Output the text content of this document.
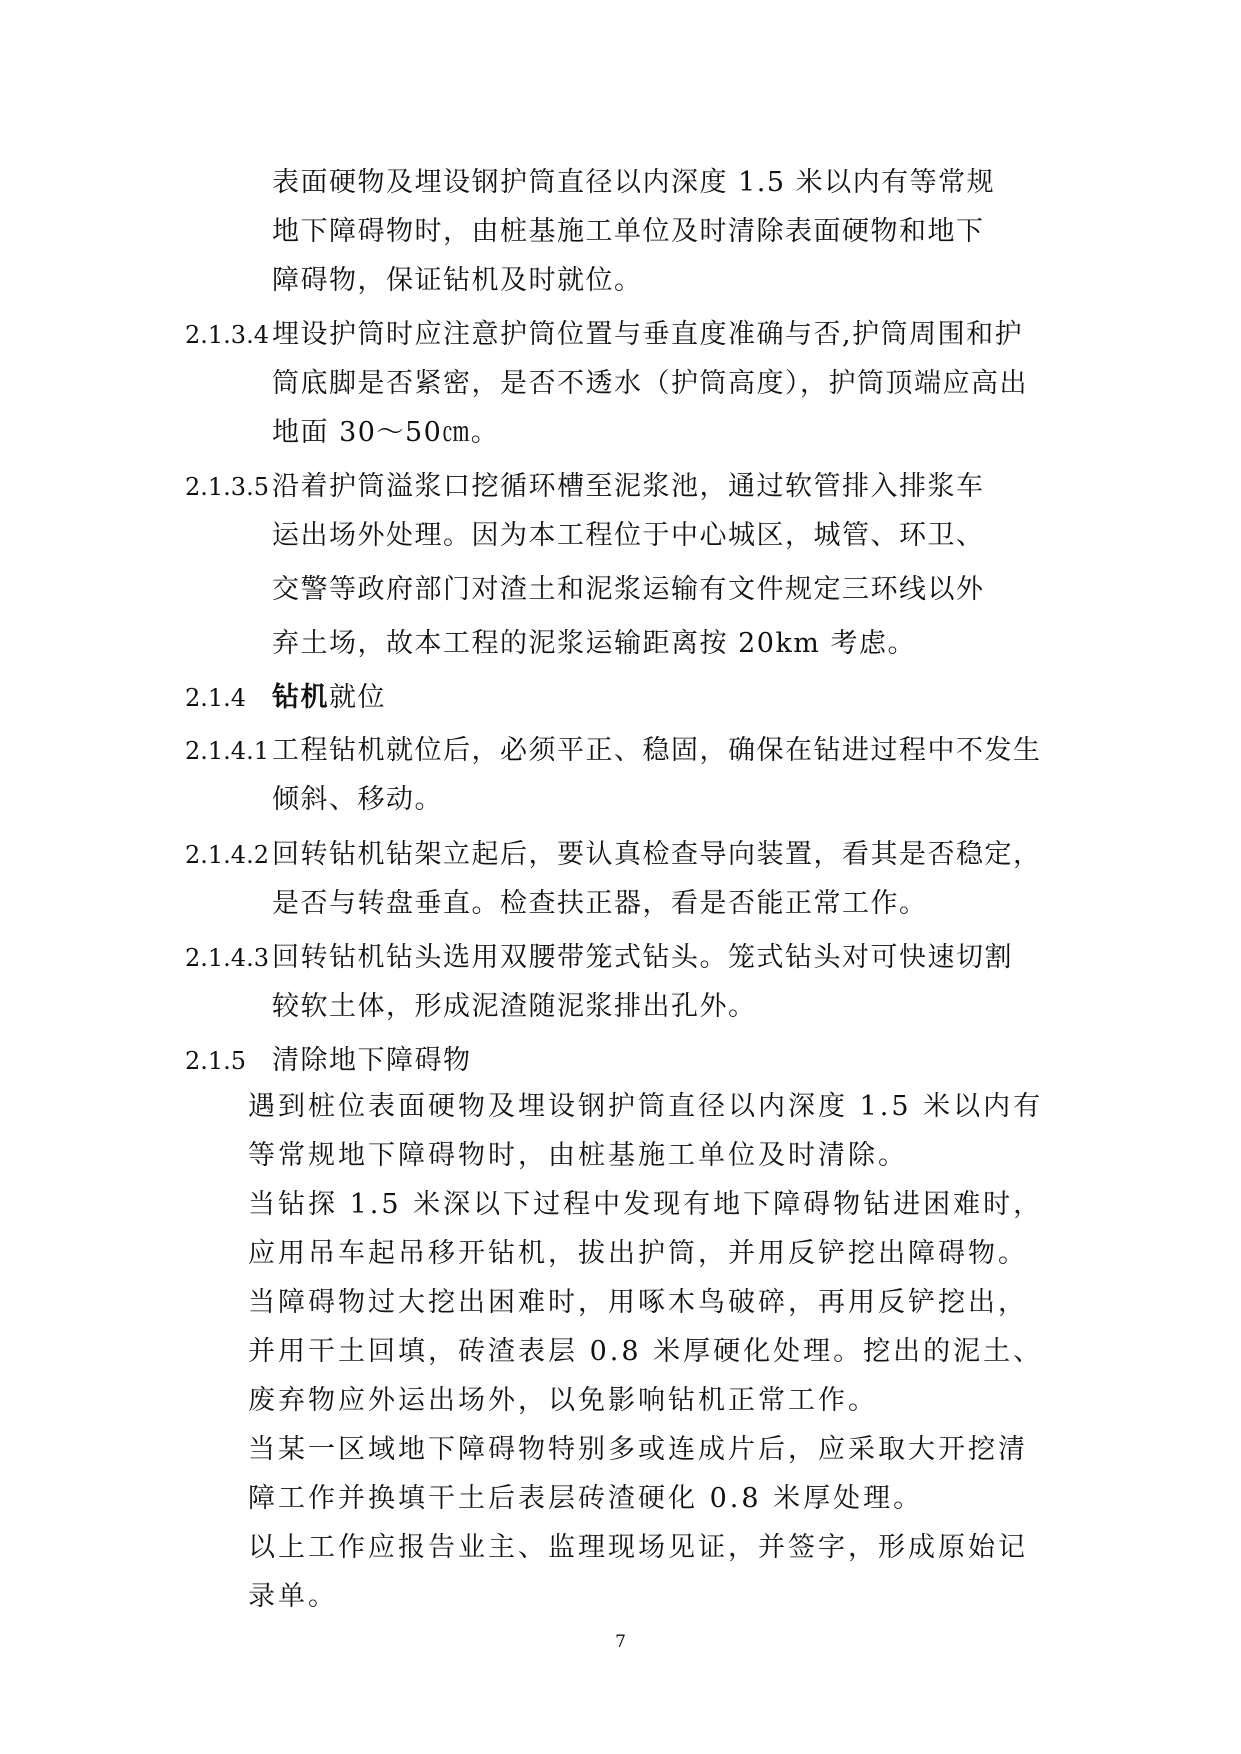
表面硬物及埋设钢护筒直径以内深度 1.5 米以内有等常规
地下障碍物时，由桩基施工单位及时清除表面硬物和地下
障碍物，保证钻机及时就位。
2.1.3.4 埋设护筒时应注意护筒位置与垂直度准确与否,护筒周围和护
筒底脚是否紧密，是否不透水（护筒高度），护筒顶端应高出
地面 30～50㎝。
2.1.3.5 沿着护筒溢浆口挖循环槽至泥浆池，通过软管排入排浆车
运出场外处理。因为本工程位于中心城区，城管、环卫、
交警等政府部门对渣土和泥浆运输有文件规定三环线以外
弃土场，故本工程的泥浆运输距离按 20km 考虑。
2.1.4 钻机就位
2.1.4.1 工程钻机就位后，必须平正、稳固，确保在钻进过程中不发生
倾斜、移动。
2.1.4.2 回转钻机钻架立起后，要认真检查导向装置，看其是否稳定，
是否与转盘垂直。检查扶正器，看是否能正常工作。
2.1.4.3 回转钻机钻头选用双腰带笼式钻头。笼式钻头对可快速切割
较软土体，形成泥渣随泥浆排出孔外。
2.1.5 清除地下障碍物
遇到桩位表面硬物及埋设钢护筒直径以内深度 1.5 米以内有
等常规地下障碍物时，由桩基施工单位及时清除。
当钻探 1.5 米深以下过程中发现有地下障碍物钻进困难时，
应用吊车起吊移开钻机，拔出护筒，并用反铲挖出障碍物。
当障碍物过大挖出困难时，用啄木鸟破碎，再用反铲挖出，
并用干土回填，砖渣表层 0.8 米厚硬化处理。挖出的泥土、
废弃物应外运出场外，以免影响钻机正常工作。
当某一区域地下障碍物特别多或连成片后，应采取大开挖清
障工作并换填干土后表层砖渣硬化 0.8 米厚处理。
以上工作应报告业主、监理现场见证，并签字，形成原始记
录单。
7
